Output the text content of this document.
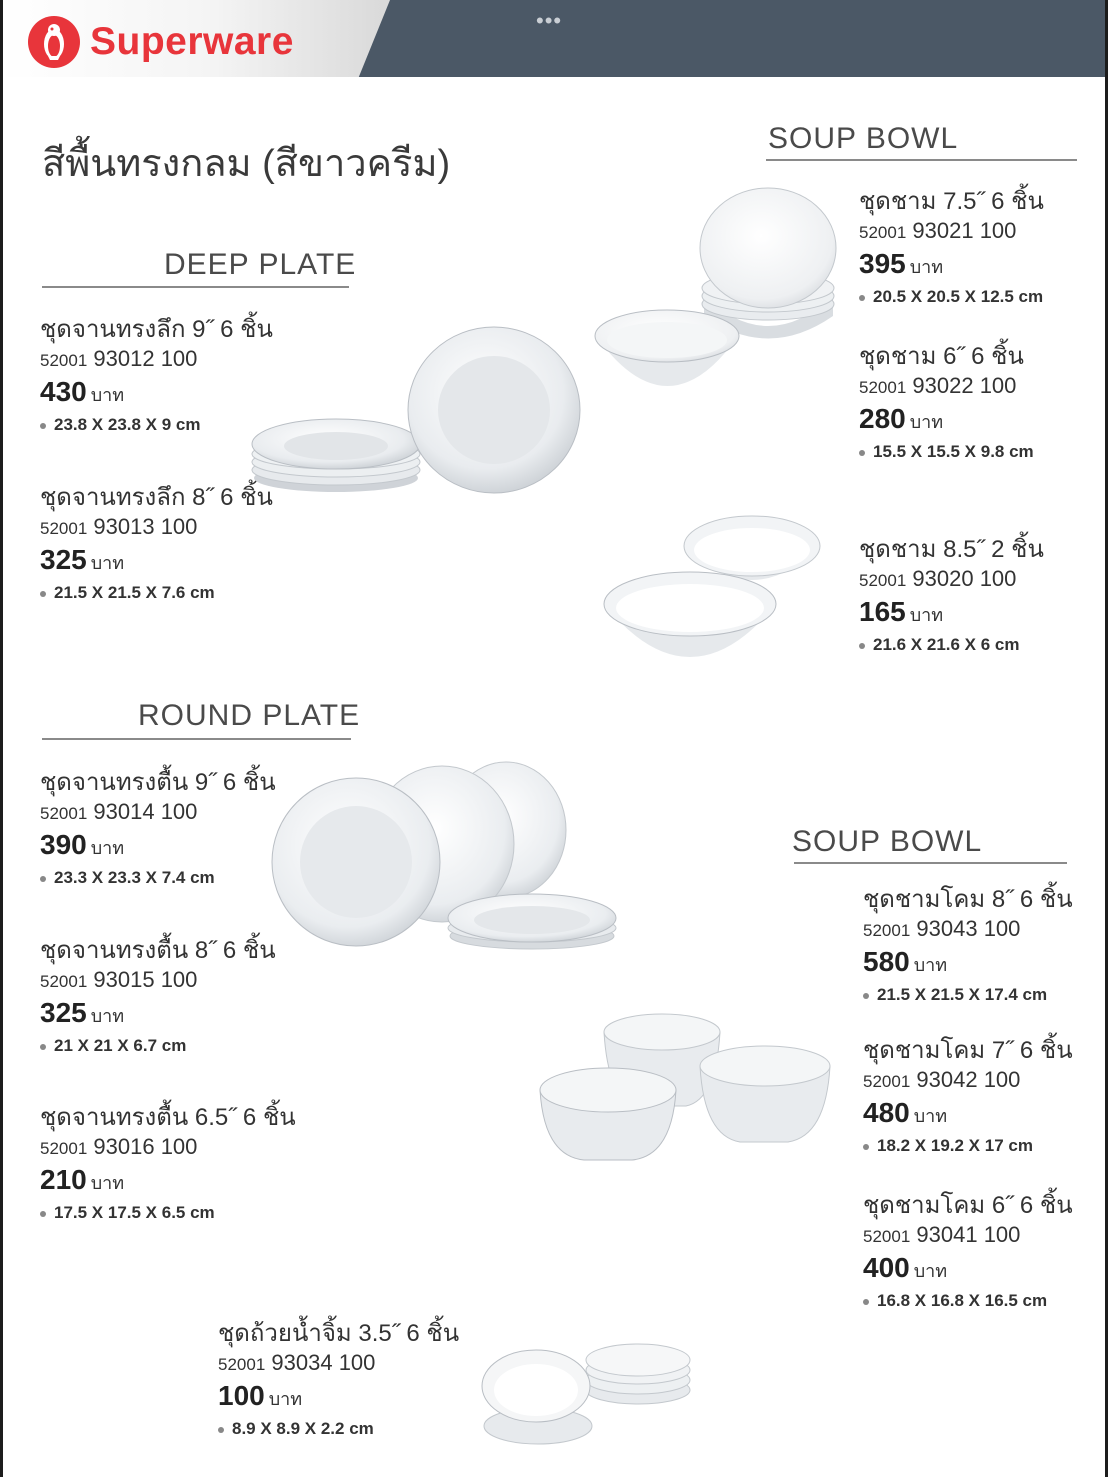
Superware	•••
สีพื้นทรงกลม (สีขาวครีม)
DEEP PLATE
ROUND PLATE
SOUP BOWL
SOUP BOWL
ชุดจานทรงลึก 9˝ 6 ชิ้น
52001 93012 100
430 บาท
23.8 X 23.8 X 9 cm
ชุดจานทรงลึก 8˝ 6 ชิ้น
52001 93013 100
325 บาท
21.5 X 21.5 X 7.6 cm
ชุดจานทรงตื้น 9˝ 6 ชิ้น
52001 93014 100
390 บาท
23.3 X 23.3 X 7.4 cm
ชุดจานทรงตื้น 8˝ 6 ชิ้น
52001 93015 100
325 บาท
21 X 21 X 6.7 cm
ชุดจานทรงตื้น 6.5˝ 6 ชิ้น
52001 93016 100
210 บาท
17.5 X 17.5 X 6.5 cm
ชุดถ้วยน้ำจิ้ม 3.5˝ 6 ชิ้น
52001 93034 100
100 บาท
8.9 X 8.9 X 2.2 cm
ชุดชาม 7.5˝ 6 ชิ้น
52001 93021 100
395 บาท
20.5 X 20.5 X 12.5 cm
ชุดชาม 6˝ 6 ชิ้น
52001 93022 100
280 บาท
15.5 X 15.5 X 9.8 cm
ชุดชาม 8.5˝ 2 ชิ้น
52001 93020 100
165 บาท
21.6 X 21.6 X 6 cm
ชุดชามโคม 8˝ 6 ชิ้น
52001 93043 100
580 บาท
21.5 X 21.5 X 17.4 cm
ชุดชามโคม 7˝ 6 ชิ้น
52001 93042 100
480 บาท
18.2 X 19.2 X 17 cm
ชุดชามโคม 6˝ 6 ชิ้น
52001 93041 100
400 บาท
16.8 X 16.8 X 16.5 cm
